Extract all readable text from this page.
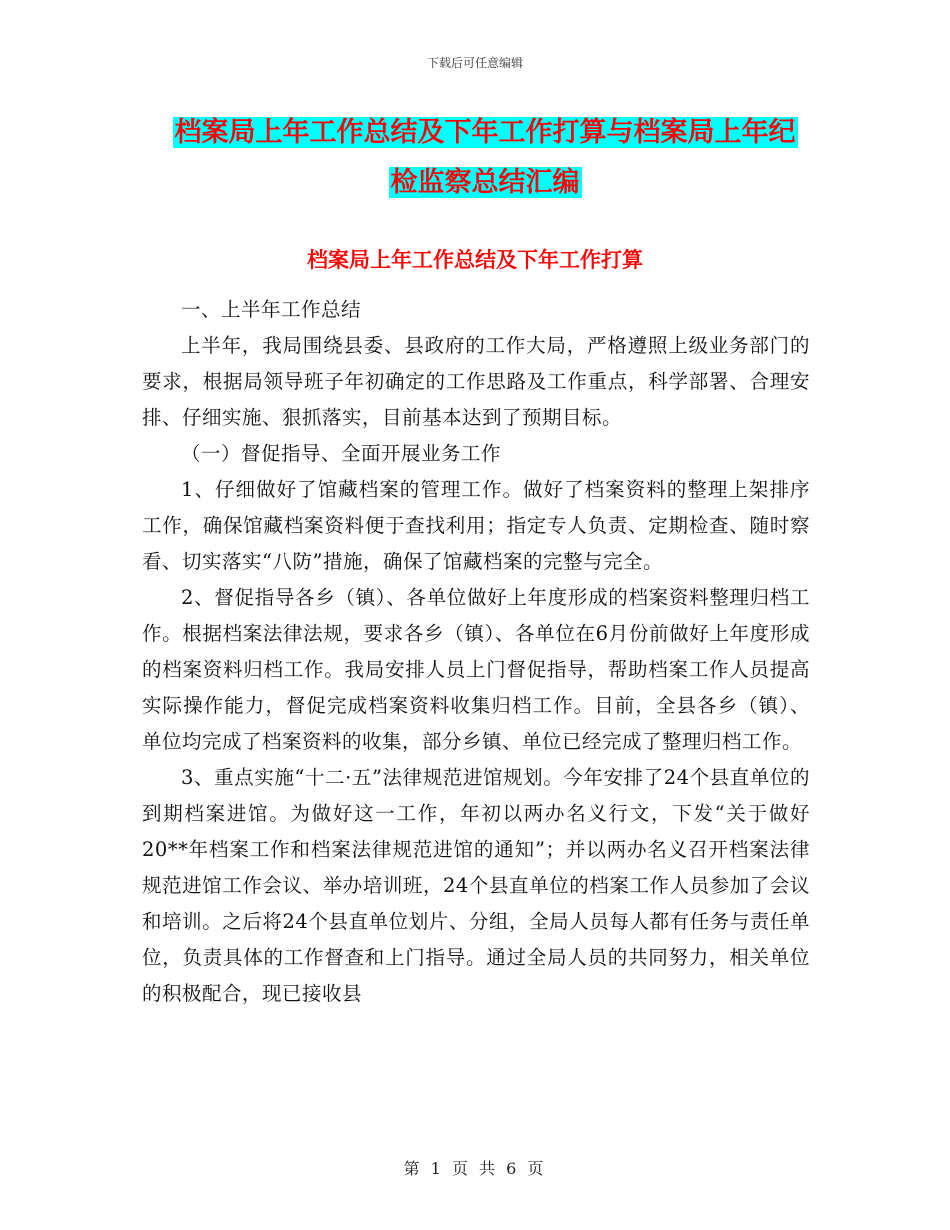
下载后可任意编辑
档案局上年工作总结及下年工作打算与档案局上年纪
检监察总结汇编
档案局上年工作总结及下年工作打算

一、上半年工作总结

上半年，我局围绕县委、县政府的工作大局，严格遵照上级业务部门的要求，根据局领导班子年初确定的工作思路及工作重点，科学部署、合理安排、仔细实施、狠抓落实，目前基本达到了预期目标。

（一）督促指导、全面开展业务工作

1、仔细做好了馆藏档案的管理工作。做好了档案资料的整理上架排序工作，确保馆藏档案资料便于查找利用；指定专人负责、定期检查、随时察看、切实落实“八防”措施，确保了馆藏档案的完整与完全。

2、督促指导各乡（镇）、各单位做好上年度形成的档案资料整理归档工作。根据档案法律法规，要求各乡（镇）、各单位在6月份前做好上年度形成的档案资料归档工作。我局安排人员上门督促指导，帮助档案工作人员提高实际操作能力，督促完成档案资料收集归档工作。目前，全县各乡（镇）、单位均完成了档案资料的收集，部分乡镇、单位已经完成了整理归档工作。

3、重点实施“十二·五”法律规范进馆规划。今年安排了24个县直单位的到期档案进馆。为做好这一工作，年初以两办名义行文，下发“关于做好20**年档案工作和档案法律规范进馆的通知”；并以两办名义召开档案法律规范进馆工作会议、举办培训班，24个县直单位的档案工作人员参加了会议和培训。之后将24个县直单位划片、分组，全局人员每人都有任务与责任单位，负责具体的工作督查和上门指导。通过全局人员的共同努力，相关单位的积极配合，现已接收县

第 1 页 共 6 页
